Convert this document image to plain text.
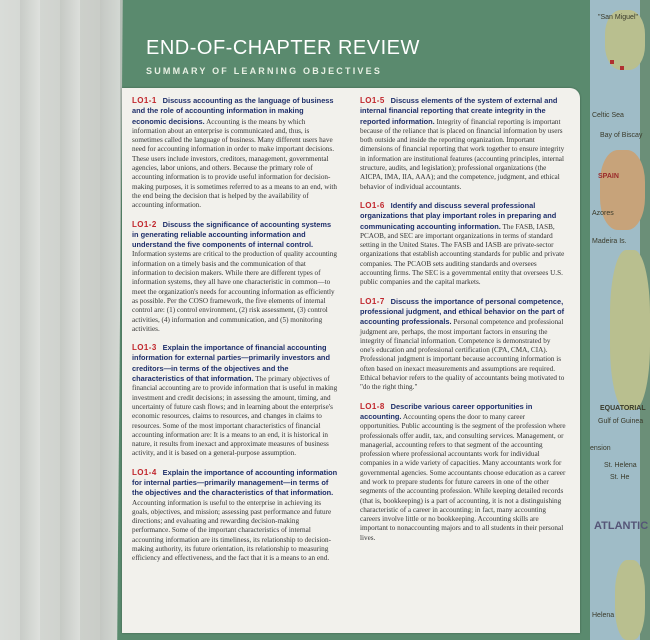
"San Miguel"
Celtic Sea
Bay of Biscay
SPAIN
Azores
Madeira Is.
EQUATORIAL
Gulf of Guinea
St. Helena
St. He
Helena
ATLANTIC
ension
END-OF-CHAPTER REVIEW
SUMMARY OF LEARNING OBJECTIVES
LO1-1 Discuss accounting as the language of business and the role of accounting information in making economic decisions. Accounting is the means by which information about an enterprise is communicated and, thus, is sometimes called the language of business. Many different users have need for accounting information in order to make important decisions. These users include investors, creditors, management, governmental agencies, labor unions, and others. Because the primary role of accounting information is to provide useful information for decision-making purposes, it is sometimes referred to as a means to an end, with the end being the decision that is helped by the availability of accounting information.
LO1-2 Discuss the significance of accounting systems in generating reliable accounting information and understand the five components of internal control. Information systems are critical to the production of quality accounting information on a timely basis and the communication of that information to decision makers. While there are different types of information systems, they all have one characteristic in common—to meet the organization's needs for accounting information as efficiently as possible. Per the COSO framework, the five elements of internal control are: (1) control environment, (2) risk assessment, (3) control activities, (4) information and communication, and (5) monitoring activities.
LO1-3 Explain the importance of financial accounting information for external parties—primarily investors and creditors—in terms of the objectives and the characteristics of that information. The primary objectives of financial accounting are to provide information that is useful in making investment and credit decisions; in assessing the amount, timing, and uncertainty of future cash flows; and in learning about the enterprise's economic resources, claims to resources, and changes in claims to resources. Some of the most important characteristics of financial accounting information are: It is a means to an end, it is historical in nature, it results from inexact and approximate measures of business activity, and it is based on a general-purpose assumption.
LO1-4 Explain the importance of accounting information for internal parties—primarily management—in terms of the objectives and the characteristics of that information. Accounting information is useful to the enterprise in achieving its goals, objectives, and mission; assessing past performance and future directions; and evaluating and rewarding decision-making performance. Some of the important characteristics of internal accounting information are its timeliness, its relationship to decision-making authority, its future orientation, its relationship to measuring efficiency and effectiveness, and the fact that it is a means to an end.
LO1-5 Discuss elements of the system of external and internal financial reporting that create integrity in the reported information. Integrity of financial reporting is important because of the reliance that is placed on financial information by users both outside and inside the reporting organization. Important dimensions of financial reporting that work together to ensure integrity in information are institutional features (accounting principles, internal structure, audits, and legislation); professional organizations (the AICPA, IMA, IIA, AAA); and the competence, judgment, and ethical behavior of individual accountants.
LO1-6 Identify and discuss several professional organizations that play important roles in preparing and communicating accounting information. The FASB, IASB, PCAOB, and SEC are important organizations in terms of standard setting in the United States. The FASB and IASB are private-sector organizations that establish accounting standards for public and private companies. The PCAOB sets auditing standards and oversees accounting firms. The SEC is a governmental entity that oversees U.S. public companies and the capital markets.
LO1-7 Discuss the importance of personal competence, professional judgment, and ethical behavior on the part of accounting professionals. Personal competence and professional judgment are, perhaps, the most important factors in ensuring the integrity of financial information. Competence is demonstrated by one's education and professional certification (CPA, CMA, CIA). Professional judgment is important because accounting information is often based on inexact measurements and assumptions are required. Ethical behavior refers to the quality of accountants being motivated to "do the right thing."
LO1-8 Describe various career opportunities in accounting. Accounting opens the door to many career opportunities. Public accounting is the segment of the profession where professionals offer audit, tax, and consulting services. Management, or managerial, accounting refers to that segment of the accounting profession where professional accountants work for individual companies in a wide variety of capacities. Many accountants work for governmental agencies. Some accountants choose education as a career and work to prepare students for future careers in one of the other segments of the accounting profession. While keeping detailed records (that is, bookkeeping) is a part of accounting, it is not a distinguishing characteristic of a career in accounting; in fact, many accounting careers involve little or no bookkeeping. Accounting skills are important to nonaccounting majors and to all students in their personal lives.
